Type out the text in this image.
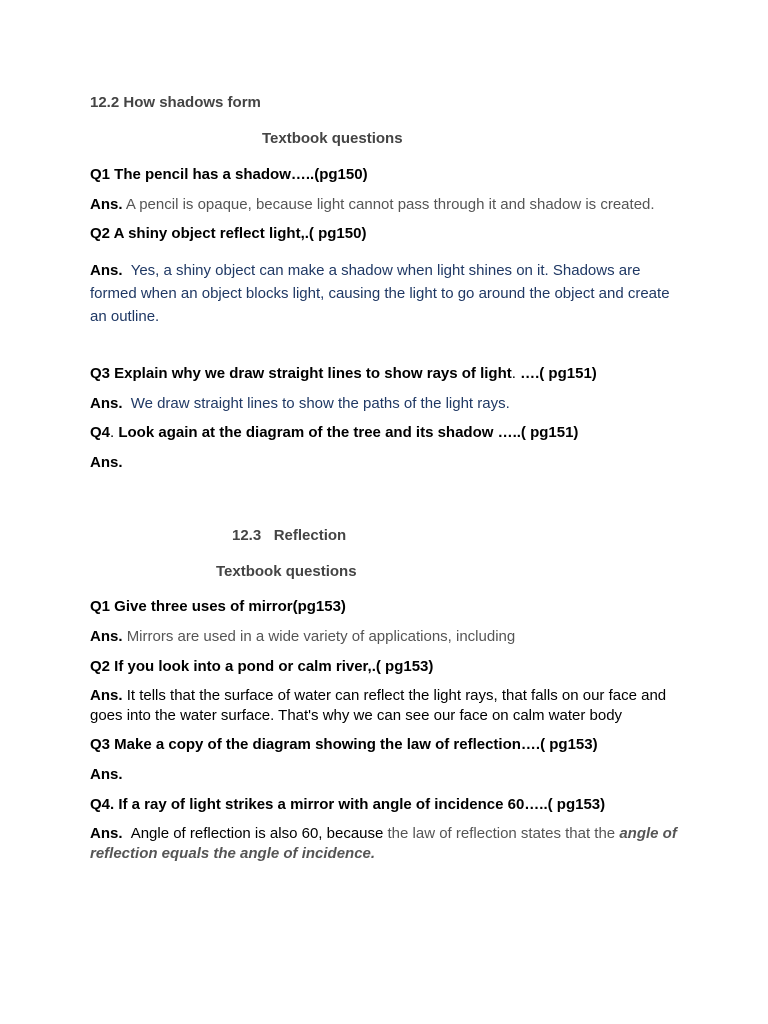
12.2 How shadows form
Textbook questions
Q1 The pencil has a shadow…..(pg150)
Ans. A pencil is opaque, because light cannot pass through it and shadow is created.
Q2 A shiny object reflect light,.( pg150)
Ans. Yes, a shiny object can make a shadow when light shines on it. Shadows are formed when an object blocks light, causing the light to go around the object and create an outline.
Q3 Explain why we draw straight lines to show rays of light. ….( pg151)
Ans. We draw straight lines to show the paths of the light rays.
Q4. Look again at the diagram of the tree and its shadow …..( pg151)
Ans.
12.3   Reflection
Textbook questions
Q1 Give three uses of mirror(pg153)
Ans. Mirrors are used in a wide variety of applications, including
Q2 If you look into a pond or calm river,.( pg153)
Ans. It tells that the surface of water can reflect the light rays, that falls on our face and goes into the water surface. That's why we can see our face on calm water body
Q3 Make a copy of the diagram showing the law of reflection….( pg153)
Ans.
Q4. If a ray of light strikes a mirror with angle of incidence 60…..( pg153)
Ans. Angle of reflection is also 60, because the law of reflection states that the angle of reflection equals the angle of incidence.
